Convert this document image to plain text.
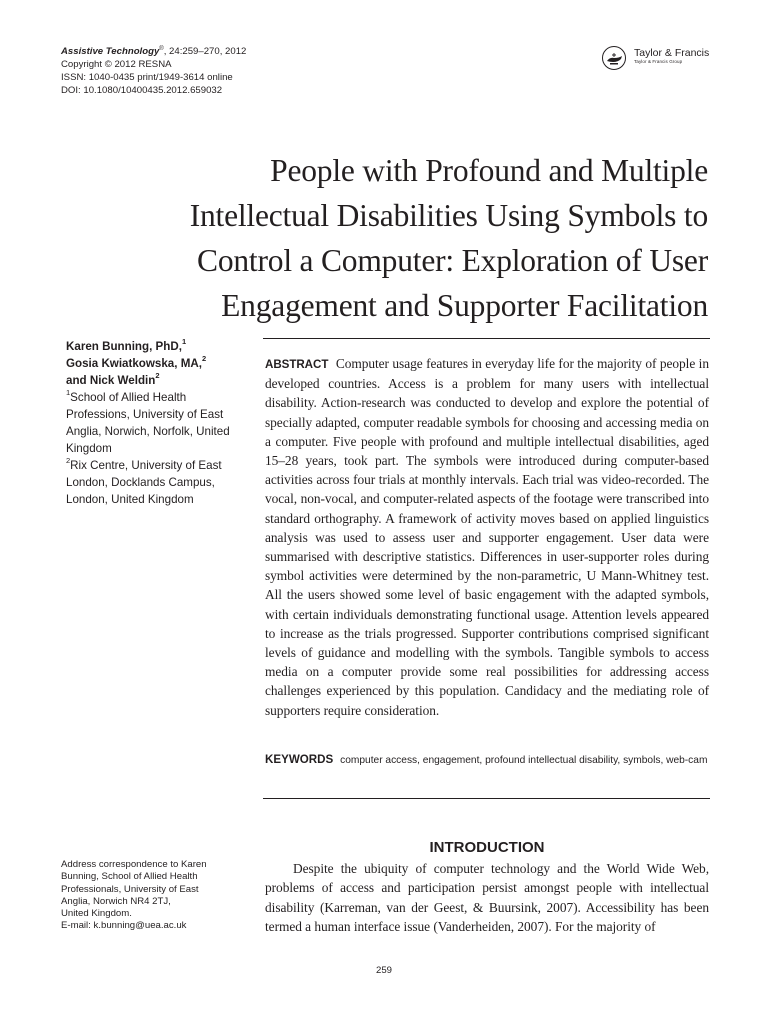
Assistive Technology®, 24:259–270, 2012
Copyright © 2012 RESNA
ISSN: 1040-0435 print/1949-3614 online
DOI: 10.1080/10400435.2012.659032
Taylor & Francis
Taylor & Francis Group
People with Profound and Multiple
Intellectual Disabilities Using Symbols to
Control a Computer: Exploration of User
Engagement and Supporter Facilitation
Karen Bunning, PhD,$^1$
Gosia Kwiatkowska, MA,$^2$
and Nick Weldin$^2$
$^1$School of Allied Health Professions, University of East Anglia, Norwich, Norfolk, United Kingdom
$^2$Rix Centre, University of East London, Docklands Campus, London, United Kingdom
ABSTRACT Computer usage features in everyday life for the majority of people in developed countries. Access is a problem for many users with intellectual disability. Action-research was conducted to develop and explore the potential of specially adapted, computer readable symbols for choosing and accessing media on a computer. Five people with profound and multiple intellectual disabilities, aged 15–28 years, took part. The symbols were introduced during computer-based activities across four trials at monthly intervals. Each trial was video-recorded. The vocal, non-vocal, and computer-related aspects of the footage were transcribed into standard orthography. A framework of activity moves based on applied linguistics analysis was used to assess user and supporter engagement. User data were summarised with descriptive statistics. Differences in user-supporter roles during symbol activities were determined by the non-parametric, U Mann-Whitney test. All the users showed some level of basic engagement with the adapted symbols, with certain individuals demonstrating functional usage. Attention levels appeared to increase as the trials progressed. Supporter contributions comprised significant levels of guidance and modelling with the symbols. Tangible symbols to access media on a computer provide some real possibilities for addressing access challenges experienced by this population. Candidacy and the mediating role of supporters require consideration.
KEYWORDS computer access, engagement, profound intellectual disability, symbols, web-cam
INTRODUCTION

Despite the ubiquity of computer technology and the World Wide Web, problems of access and participation persist amongst people with intellectual disability (Karreman, van der Geest, & Buursink, 2007). Accessibility has been termed a human interface issue (Vanderheiden, 2007). For the majority of

Address correspondence to Karen
Bunning, School of Allied Health
Professionals, University of East
Anglia, Norwich NR4 2TJ,
United Kingdom.
E-mail: k.bunning@uea.ac.uk
259
